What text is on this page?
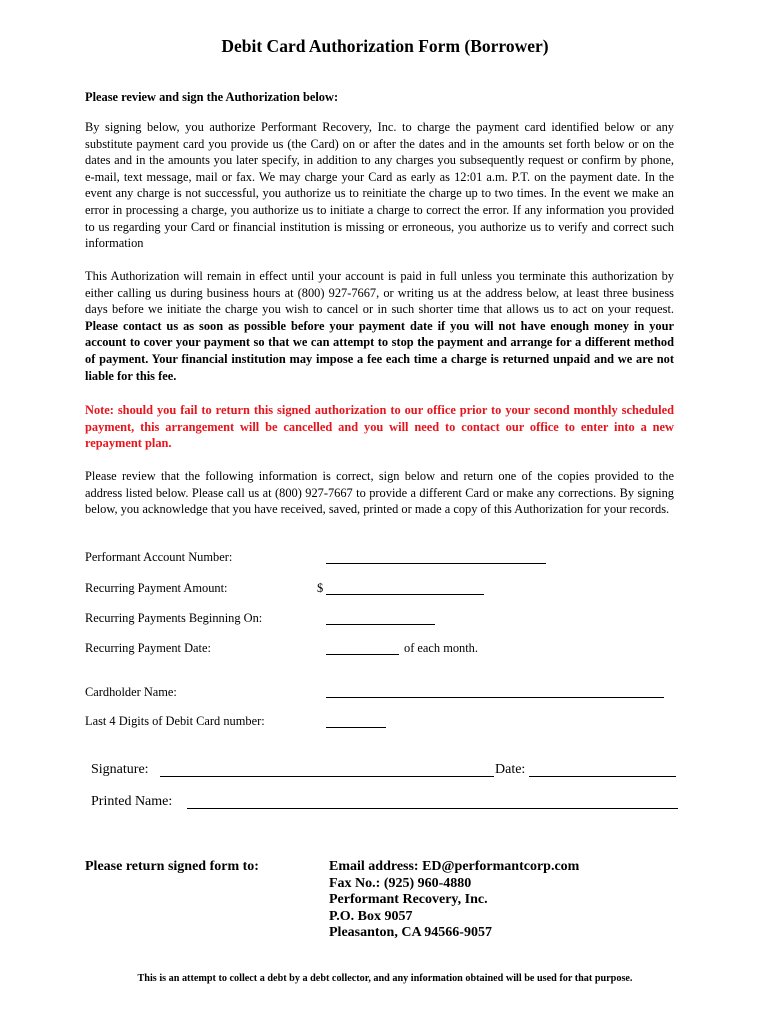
Debit Card Authorization Form (Borrower)
Please review and sign the Authorization below:
By signing below, you authorize Performant Recovery, Inc. to charge the payment card identified below or any substitute payment card you provide us (the Card) on or after the dates and in the amounts set forth below or on the dates and in the amounts you later specify, in addition to any charges you subsequently request or confirm by phone, e-mail, text message, mail or fax. We may charge your Card as early as 12:01 a.m. P.T. on the payment date. In the event any charge is not successful, you authorize us to reinitiate the charge up to two times. In the event we make an error in processing a charge, you authorize us to initiate a charge to correct the error. If any information you provided to us regarding your Card or financial institution is missing or erroneous, you authorize us to verify and correct such information
This Authorization will remain in effect until your account is paid in full unless you terminate this authorization by either calling us during business hours at (800) 927-7667, or writing us at the address below, at least three business days before we initiate the charge you wish to cancel or in such shorter time that allows us to act on your request. Please contact us as soon as possible before your payment date if you will not have enough money in your account to cover your payment so that we can attempt to stop the payment and arrange for a different method of payment. Your financial institution may impose a fee each time a charge is returned unpaid and we are not liable for this fee.
Note: should you fail to return this signed authorization to our office prior to your second monthly scheduled payment, this arrangement will be cancelled and you will need to contact our office to enter into a new repayment plan.
Please review that the following information is correct, sign below and return one of the copies provided to the address listed below. Please call us at (800) 927-7667 to provide a different Card or make any corrections. By signing below, you acknowledge that you have received, saved, printed or made a copy of this Authorization for your records.
Performant Account Number:
Recurring Payment Amount:	$
Recurring Payments Beginning On:
Recurring Payment Date:	of each month.
Cardholder Name:
Last 4 Digits of Debit Card number:
Signature:	Date:
Printed Name:
Please return signed form to:	Email address: ED@performantcorp.com
Fax No.: (925) 960-4880
Performant Recovery, Inc.
P.O. Box 9057
Pleasanton, CA 94566-9057
This is an attempt to collect a debt by a debt collector, and any information obtained will be used for that purpose.
